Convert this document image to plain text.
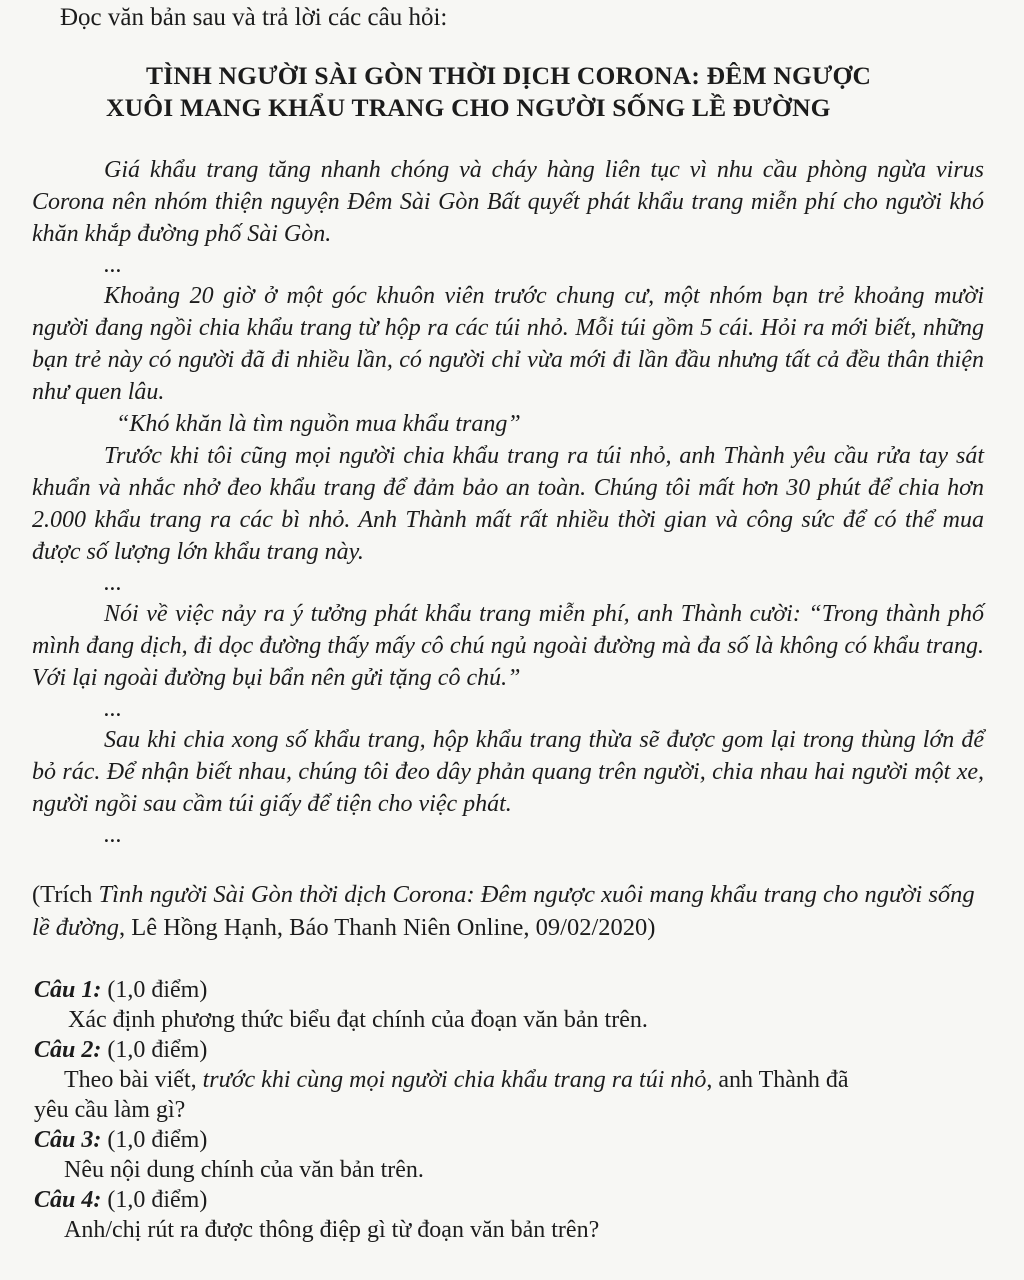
Đọc văn bản sau và trả lời các câu hỏi:
TÌNH NGƯỜI SÀI GÒN THỜI DỊCH CORONA: ĐÊM NGƯỢC
XUÔI MANG KHẨU TRANG CHO NGƯỜI SỐNG LỀ ĐƯỜNG

Giá khẩu trang tăng nhanh chóng và cháy hàng liên tục vì nhu cầu phòng ngừa virus Corona nên nhóm thiện nguyện Đêm Sài Gòn Bất quyết phát khẩu trang miễn phí cho người khó khăn khắp đường phố Sài Gòn.

...

Khoảng 20 giờ ở một góc khuôn viên trước chung cư, một nhóm bạn trẻ khoảng mười người đang ngồi chia khẩu trang từ hộp ra các túi nhỏ. Mỗi túi gồm 5 cái. Hỏi ra mới biết, những bạn trẻ này có người đã đi nhiều lần, có người chỉ vừa mới đi lần đầu nhưng tất cả đều thân thiện như quen lâu.

“Khó khăn là tìm nguồn mua khẩu trang”

Trước khi tôi cũng mọi người chia khẩu trang ra túi nhỏ, anh Thành yêu cầu rửa tay sát khuẩn và nhắc nhở đeo khẩu trang để đảm bảo an toàn. Chúng tôi mất hơn 30 phút để chia hơn 2.000 khẩu trang ra các bì nhỏ. Anh Thành mất rất nhiều thời gian và công sức để có thể mua được số lượng lớn khẩu trang này.

...

Nói về việc nảy ra ý tưởng phát khẩu trang miễn phí, anh Thành cười: “Trong thành phố mình đang dịch, đi dọc đường thấy mấy cô chú ngủ ngoài đường mà đa số là không có khẩu trang. Với lại ngoài đường bụi bẩn nên gửi tặng cô chú.”

...

Sau khi chia xong số khẩu trang, hộp khẩu trang thừa sẽ được gom lại trong thùng lớn để bỏ rác. Để nhận biết nhau, chúng tôi đeo dây phản quang trên người, chia nhau hai người một xe, người ngồi sau cầm túi giấy để tiện cho việc phát.

...

(Trích Tình người Sài Gòn thời dịch Corona: Đêm ngược xuôi mang khẩu trang cho người sống lề đường, Lê Hồng Hạnh, Báo Thanh Niên Online, 09/02/2020)

Câu 1: (1,0 điểm)

Xác định phương thức biểu đạt chính của đoạn văn bản trên.

Câu 2: (1,0 điểm)

Theo bài viết, trước khi cùng mọi người chia khẩu trang ra túi nhỏ, anh Thành đã

yêu cầu làm gì?

Câu 3: (1,0 điểm)

Nêu nội dung chính của văn bản trên.

Câu 4: (1,0 điểm)

Anh/chị rút ra được thông điệp gì từ đoạn văn bản trên?
